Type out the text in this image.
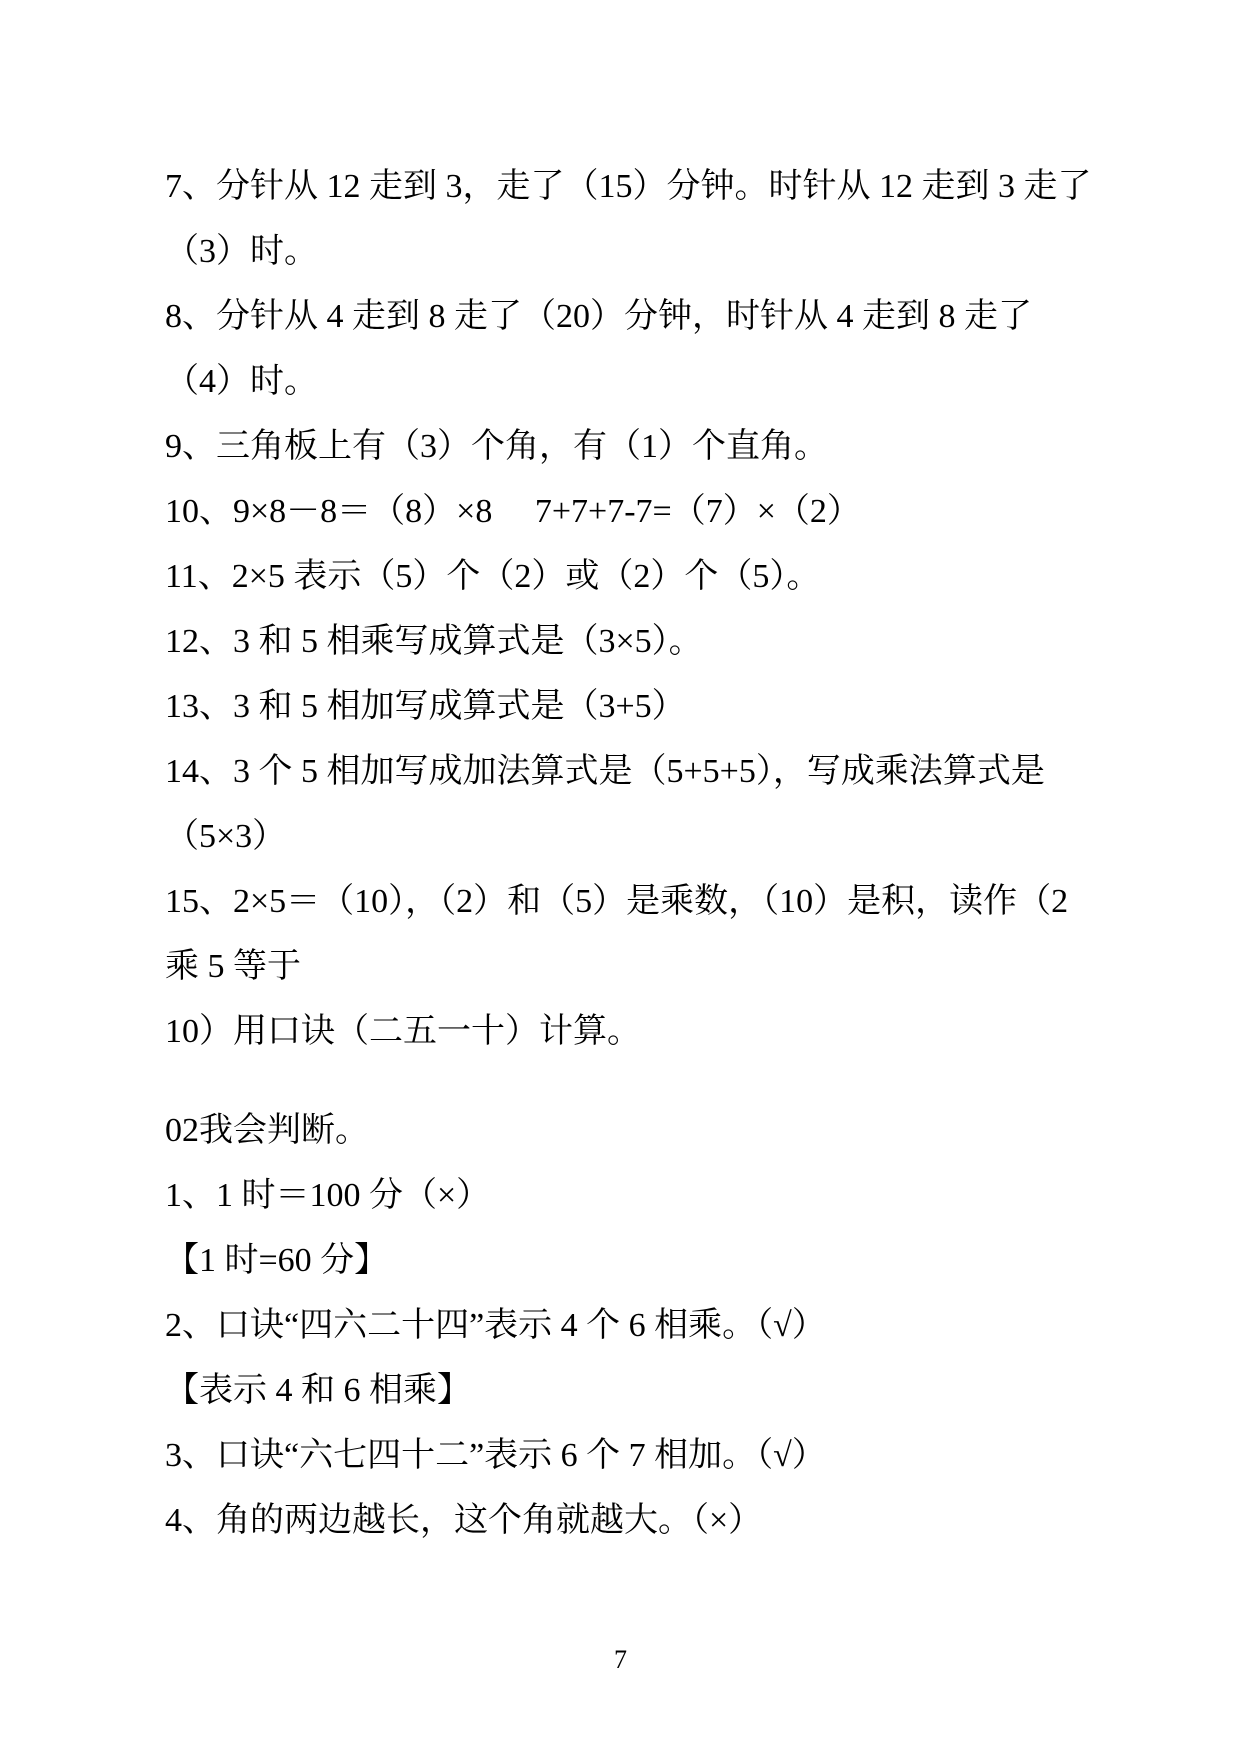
7、分针从 12 走到 3，走了（15）分钟。时针从 12 走到 3 走了
（3）时。
8、分针从 4 走到 8 走了（20）分钟，时针从 4 走到 8 走了
（4）时。
9、三角板上有（3）个角，有（1）个直角。
10、9×8－8＝（8）×8　 7+7+7-7=（7）×（2）
11、2×5 表示（5）个（2）或（2）个（5）。
12、3 和 5 相乘写成算式是（3×5）。
13、3 和 5 相加写成算式是（3+5）
14、3 个 5 相加写成加法算式是（5+5+5），写成乘法算式是
（5×3）
15、2×5＝（10），（2）和（5）是乘数，（10）是积，读作（2
乘 5 等于
10）用口诀（二五一十）计算。
02我会判断。
1、1 时＝100 分（×）
【1 时=60 分】
2、口诀“四六二十四”表示 4 个 6 相乘。（√）
【表示 4 和 6 相乘】
3、口诀“六七四十二”表示 6 个 7 相加。（√）
4、角的两边越长，这个角就越大。（×）
7
